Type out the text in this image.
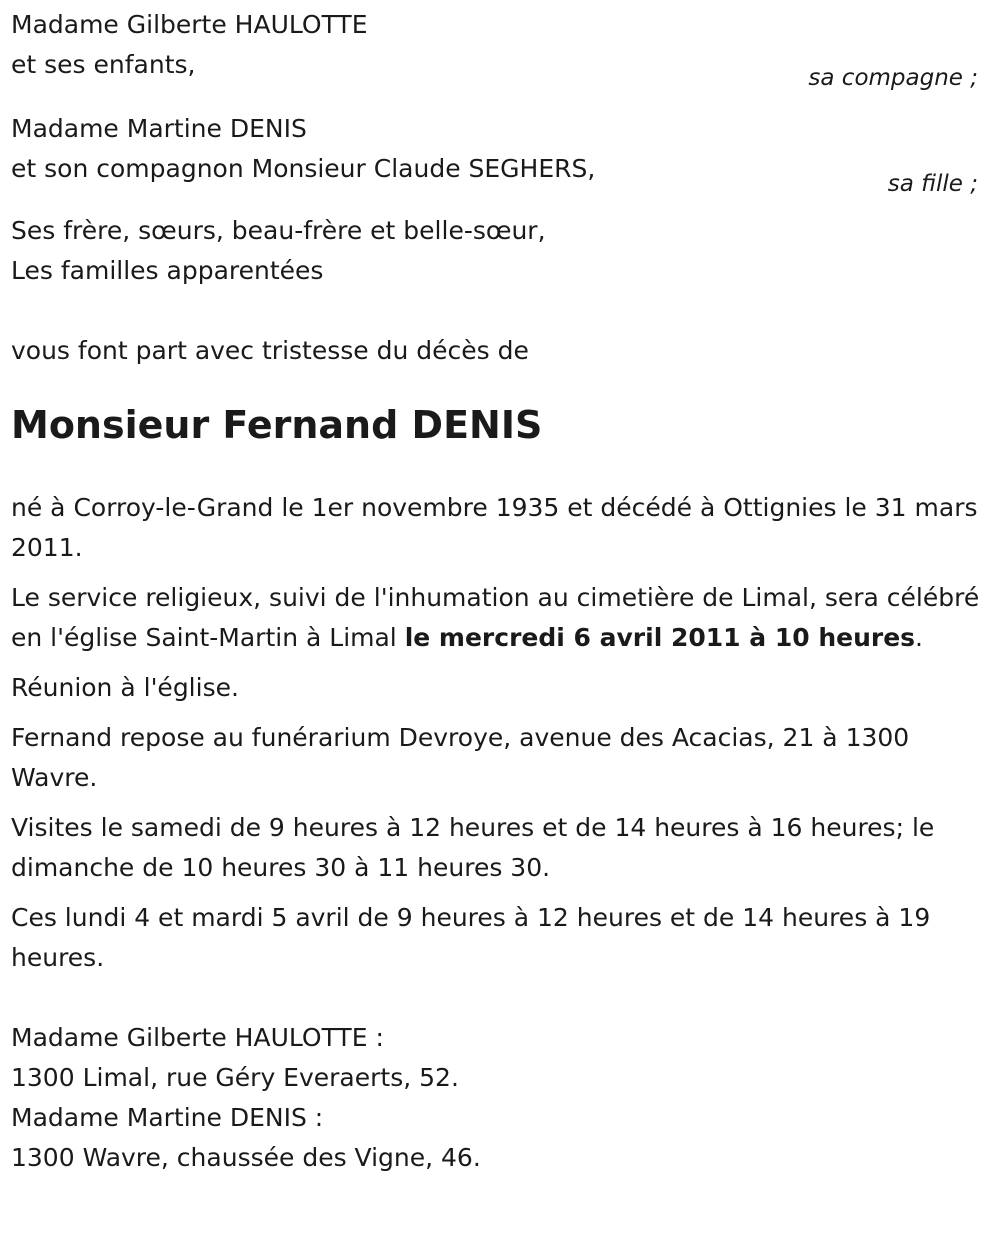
Madame Gilberte HAULOTTE
et ses enfants,	sa compagne ;
Madame Martine DENIS
et son compagnon Monsieur Claude SEGHERS,
sa fille ;
Ses frère, sœurs, beau-frère et belle-sœur,
Les familles apparentées
vous font part avec tristesse du décès de
Monsieur Fernand DENIS

né à Corroy-le-Grand le 1er novembre 1935 et décédé à Ottignies le 31 mars 2011.

Le service religieux, suivi de l'inhumation au cimetière de Limal, sera célébré en l'église Saint-Martin à Limal le mercredi 6 avril 2011 à 10 heures.

Réunion à l'église.

Fernand repose au funérarium Devroye, avenue des Acacias, 21 à 1300 Wavre.

Visites le samedi de 9 heures à 12 heures et de 14 heures à 16 heures; le dimanche de 10 heures 30 à 11 heures 30.

Ces lundi 4 et mardi 5 avril de 9 heures à 12 heures et de 14 heures à 19 heures.

Madame Gilberte HAULOTTE :
1300 Limal, rue Géry Everaerts, 52.
Madame Martine DENIS :
1300 Wavre, chaussée des Vigne, 46.
